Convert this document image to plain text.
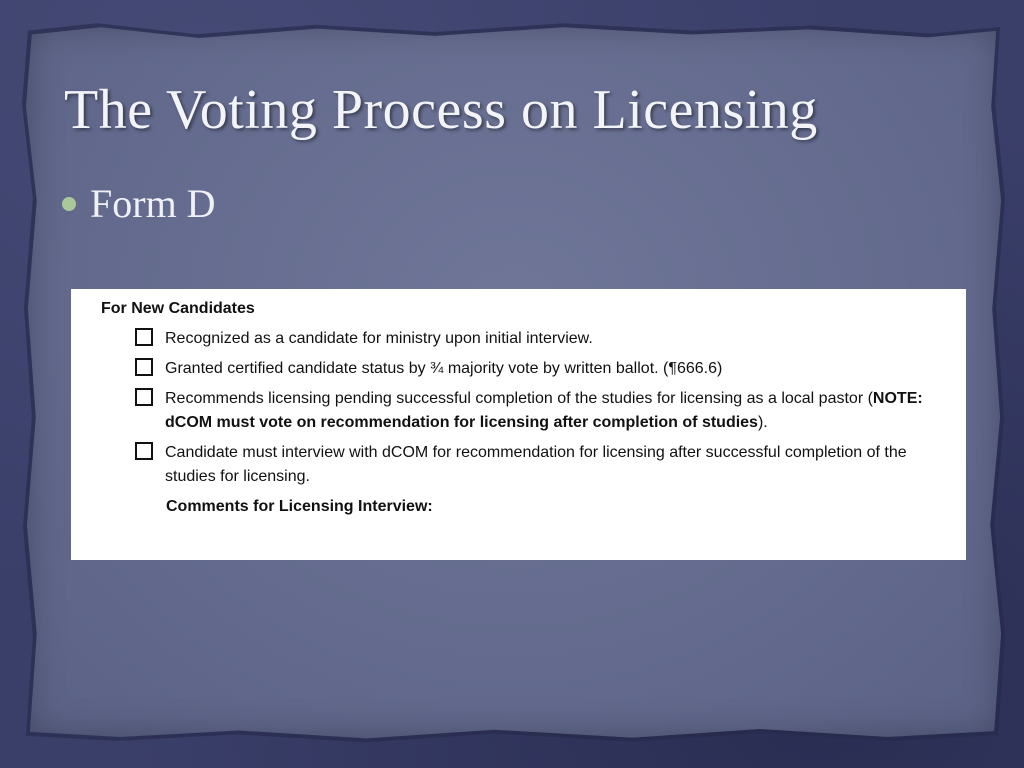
The Voting Process on Licensing
Form D
For New Candidates
Recognized as a candidate for ministry upon initial interview.
Granted certified candidate status by ¾ majority vote by written ballot. (¶666.6)
Recommends licensing pending successful completion of the studies for licensing as a local pastor (NOTE: dCOM must vote on recommendation for licensing after completion of studies).
Candidate must interview with dCOM for recommendation for licensing after successful completion of the studies for licensing.
Comments for Licensing Interview:
